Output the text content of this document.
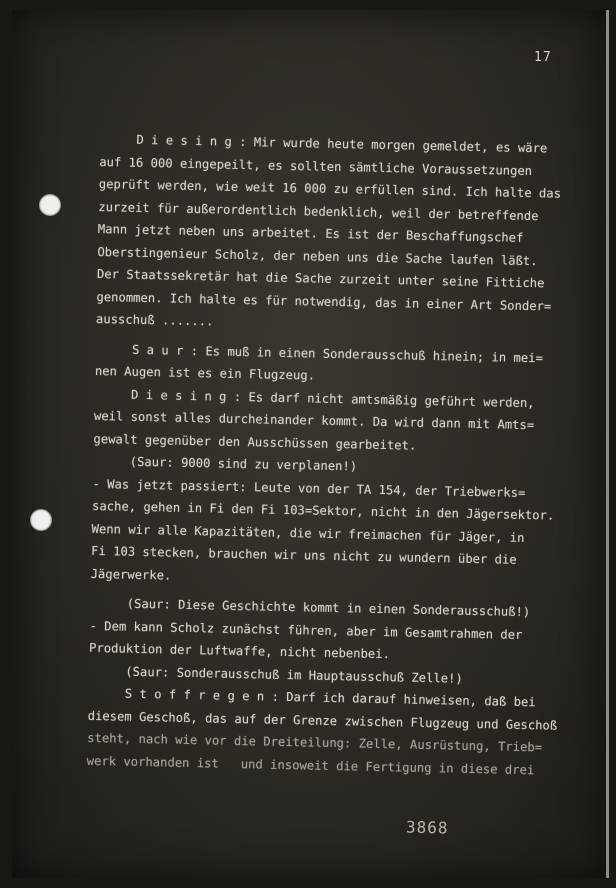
17
D i e s i n g : Mir wurde heute morgen gemeldet, es wäre
auf 16 000 eingepeilt, es sollten sämtliche Voraussetzungen
geprüft werden, wie weit 16 000 zu erfüllen sind. Ich halte das
zurzeit für außerordentlich bedenklich, weil der betreffende
Mann jetzt neben uns arbeitet. Es ist der Beschaffungschef
Oberstingenieur Scholz, der neben uns die Sache laufen läßt.
Der Staatssekretär hat die Sache zurzeit unter seine Fittiche
genommen. Ich halte es für notwendig, das in einer Art Sonder=
ausschuß .......
S a u r : Es muß in einen Sonderausschuß hinein; in mei=
nen Augen ist es ein Flugzeug.
D i e s i n g : Es darf nicht amtsmäßig geführt werden,
weil sonst alles durcheinander kommt. Da wird dann mit Amts=
gewalt gegenüber den Ausschüssen gearbeitet.
(Saur: 9000 sind zu verplanen!)
- Was jetzt passiert: Leute von der TA 154, der Triebwerks=
sache, gehen in Fi den Fi 103=Sektor, nicht in den Jägersektor.
Wenn wir alle Kapazitäten, die wir freimachen für Jäger, in
Fi 103 stecken, brauchen wir uns nicht zu wundern über die
Jägerwerke.
(Saur: Diese Geschichte kommt in einen Sonderausschuß!)
- Dem kann Scholz zunächst führen, aber im Gesamtrahmen der
Produktion der Luftwaffe, nicht nebenbei.
(Saur: Sonderausschuß im Hauptausschuß Zelle!)
S t o f f r e g e n : Darf ich darauf hinweisen, daß bei
diesem Geschoß, das auf der Grenze zwischen Flugzeug und Geschoß
steht, nach wie vor die Dreiteilung: Zelle, Ausrüstung, Trieb=
werk vorhanden ist   und insoweit die Fertigung in diese drei
3868
